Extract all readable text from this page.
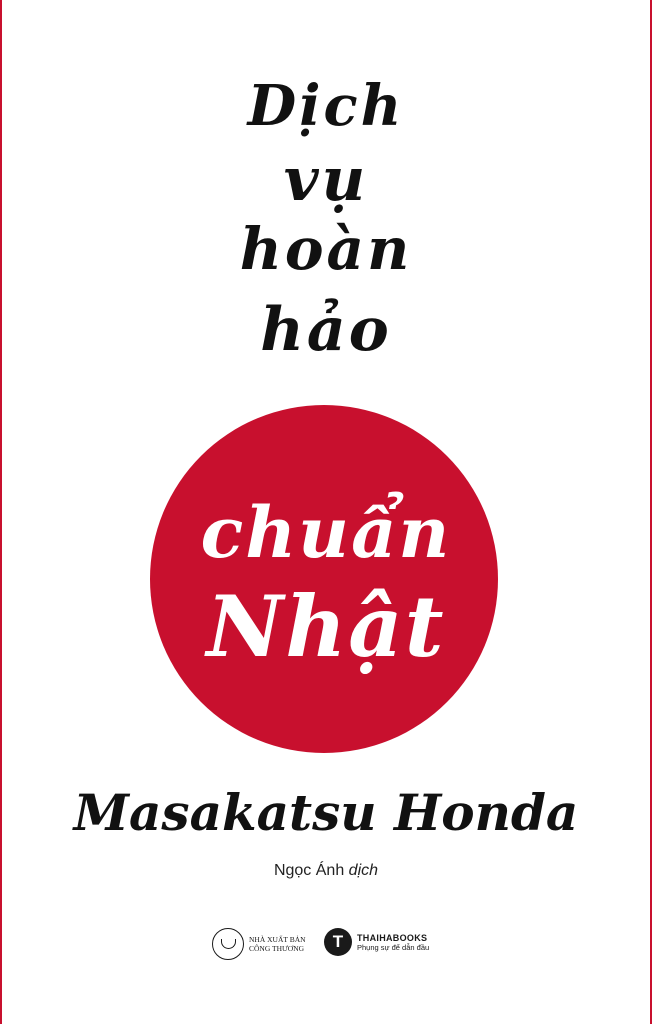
Dịch
vụ
hoàn
hảo
chuẩn
Nhật
Masakatsu Honda
Ngọc Ánh dịch
NHÀ XUẤT BẢN
CÔNG THƯƠNG	T	THAIHABOOKS
Phụng sự để dẫn đầu
